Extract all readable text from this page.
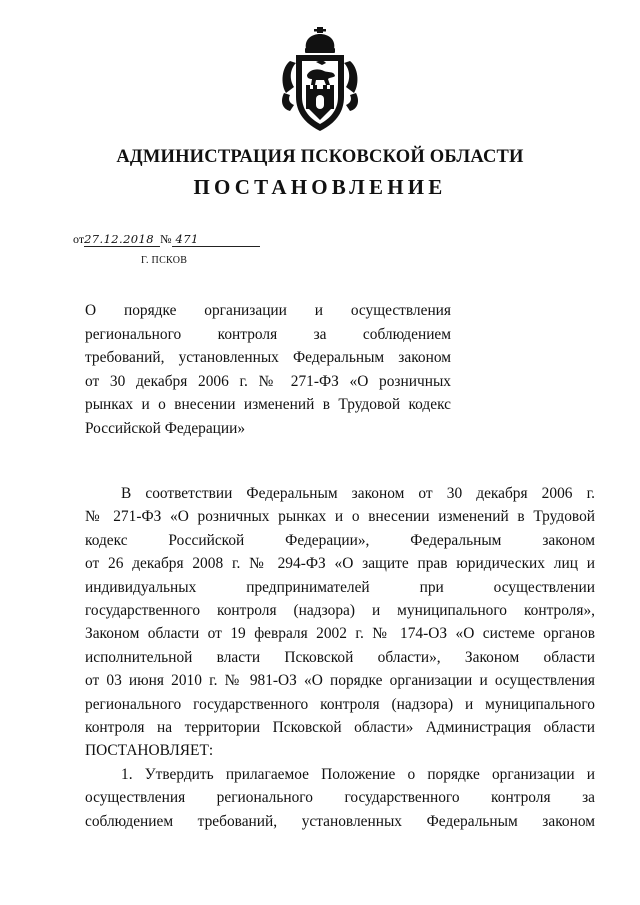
АДМИНИСТРАЦИЯ ПСКОВСКОЙ ОБЛАСТИ
ПОСТАНОВЛЕНИЕ
от27.12.2018 № 471
Г. ПСКОВ

О порядке организации и осуществления

регионального контроля за соблюдением

требований, установленных Федеральным законом

от 30 декабря 2006 г. № 271-ФЗ «О розничных

рынках и о внесении изменений в Трудовой кодекс

Российской Федерации»

В соответствии Федеральным законом от 30 декабря 2006 г.
№ 271-ФЗ «О розничных рынках и о внесении изменений в Трудовой
кодекс Российской Федерации», Федеральным законом
от 26 декабря 2008 г. № 294-ФЗ «О защите прав юридических лиц и
индивидуальных предпринимателей при осуществлении
государственного контроля (надзора) и муниципального контроля»,
Законом области от 19 февраля 2002 г. № 174-ОЗ «О системе органов
исполнительной власти Псковской области», Законом области
от 03 июня 2010 г. № 981-ОЗ «О порядке организации и осуществления
регионального государственного контроля (надзора) и муниципального
контроля на территории Псковской области» Администрация области
ПОСТАНОВЛЯЕТ:
1. Утвердить прилагаемое Положение о порядке организации и
осуществления регионального государственного контроля за
соблюдением требований, установленных Федеральным законом
